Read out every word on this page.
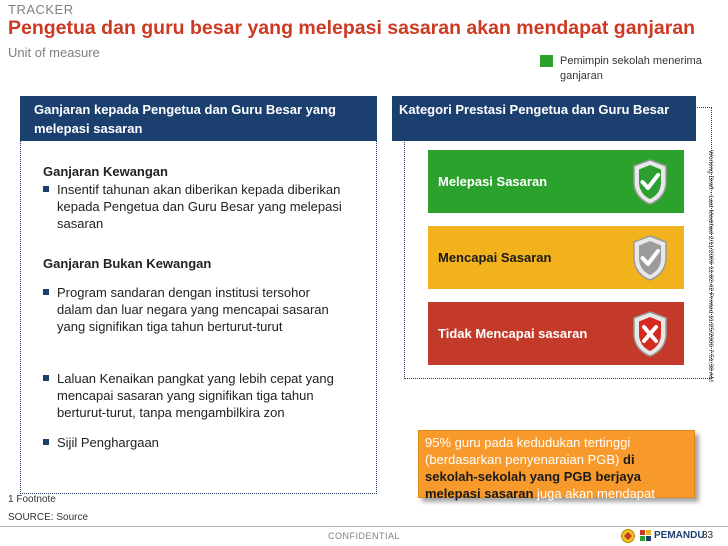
TRACKER
Pengetua dan guru besar yang melepasi sasaran akan mendapat ganjaran
Unit of measure
Pemimpin sekolah menerima ganjaran
Ganjaran kepada Pengetua dan Guru Besar yang melepasi sasaran
Ganjaran Kewangan
Insentif tahunan akan diberikan kepada diberikan kepada Pengetua dan Guru Besar yang melepasi sasaran
Ganjaran Bukan Kewangan
Program sandaran dengan institusi tersohor dalam dan luar negara yang mencapai sasaran yang signifikan tiga tahun berturut-turut
Laluan Kenaikan pangkat yang lebih cepat yang mencapai sasaran yang signifikan tiga tahun berturut-turut, tanpa mengambilkira zon
Sijil Penghargaan
Kategori Prestasi Pengetua dan Guru Besar
Melepasi Sasaran
Mencapai Sasaran
Tidak Mencapai sasaran
95% guru pada kedudukan tertinggi (berdasarkan penyenaraian PGB) di sekolah-sekolah yang PGB berjaya melepasi sasaran juga akan mendapat ganjaran
Working Draft - Last Modified 2/11/2009 11:02:42 Printed 11/25/2009 7:51:38 AM
1 Footnote
SOURCE: Source
CONFIDENTIAL	PEMANDU
33
